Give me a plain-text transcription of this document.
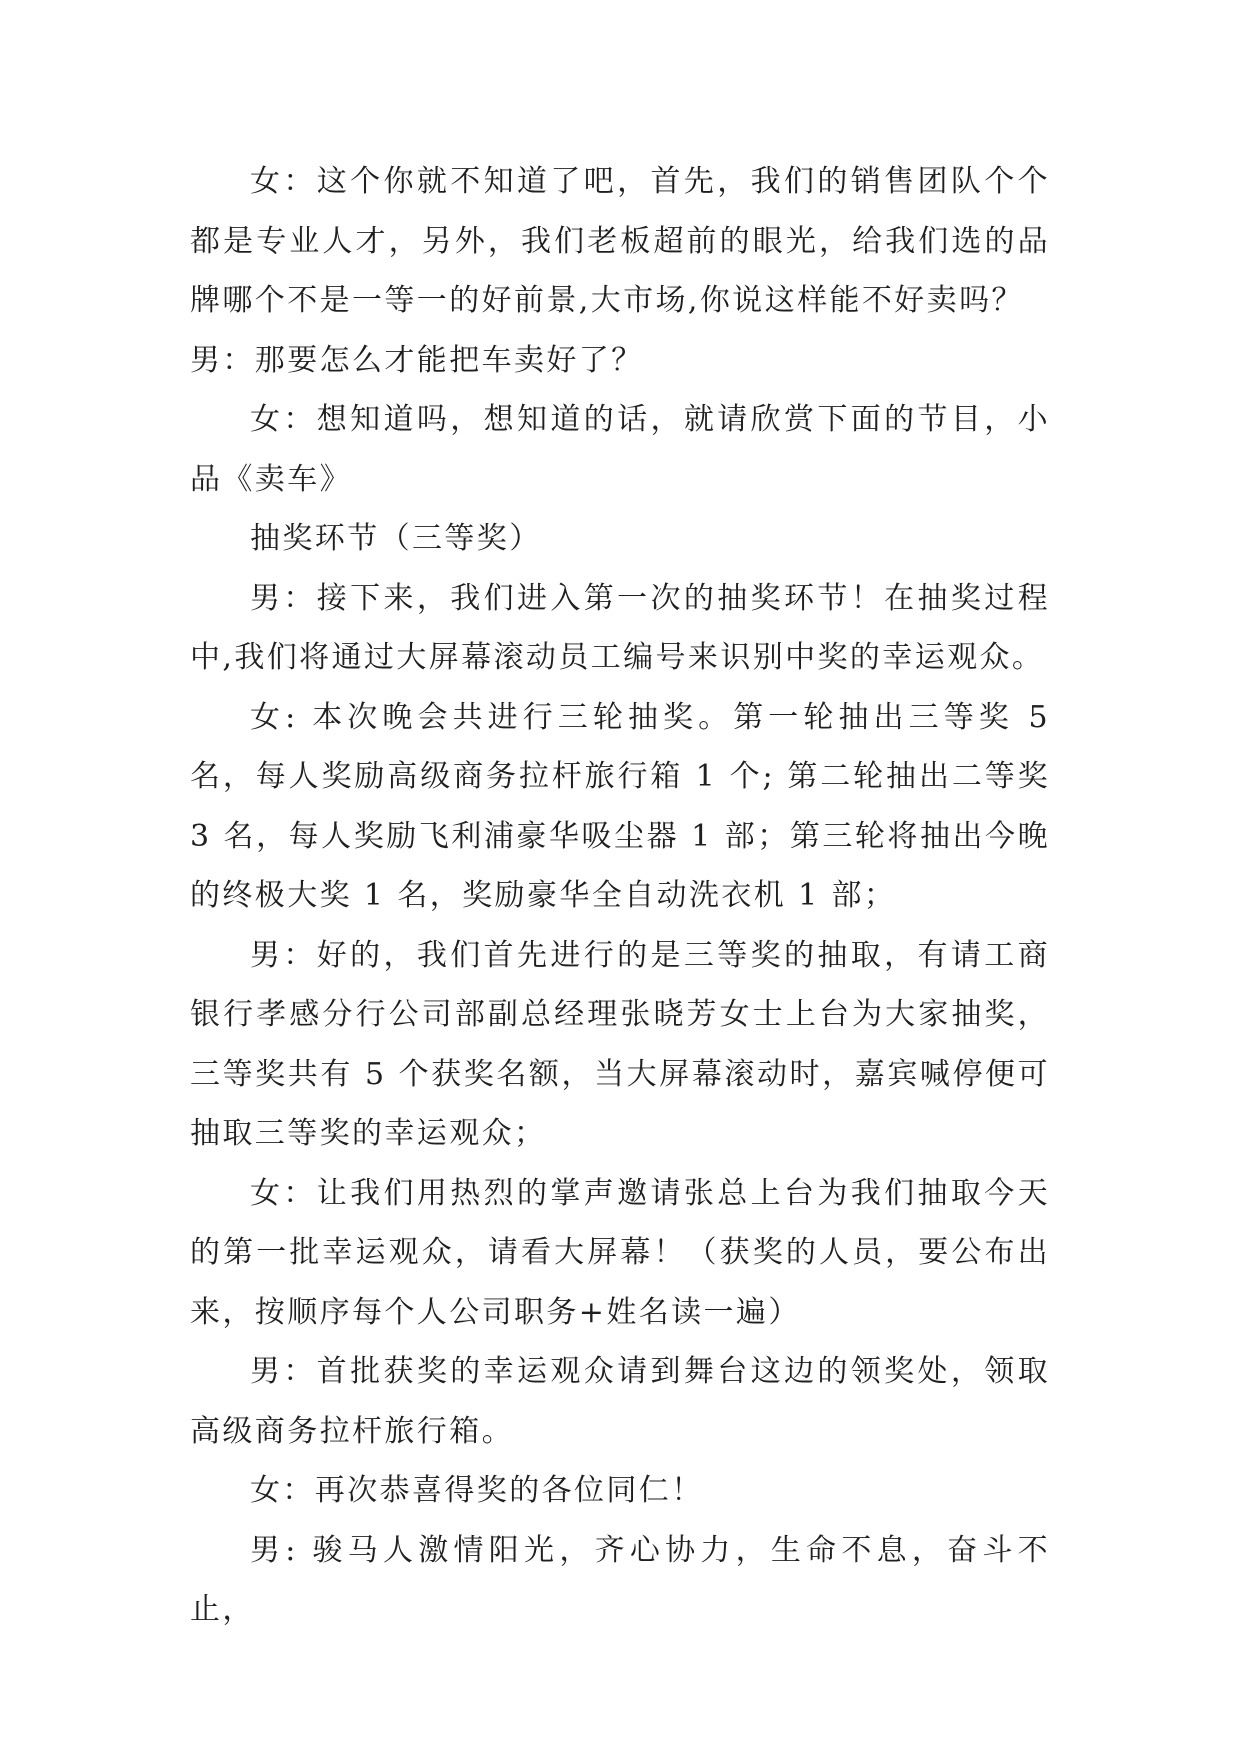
女：这个你就不知道了吧，首先，我们的销售团队个个都是专业人才，另外，我们老板超前的眼光，给我们选的品牌哪个不是一等一的好前景,大市场,你说这样能不好卖吗？

男：那要怎么才能把车卖好了？

女：想知道吗，想知道的话，就请欣赏下面的节目，小品《卖车》

抽奖环节（三等奖）

男：接下来，我们进入第一次的抽奖环节！在抽奖过程中,我们将通过大屏幕滚动员工编号来识别中奖的幸运观众。

女: 本次晚会共进行三轮抽奖。第一轮抽出三等奖 5 名，每人奖励高级商务拉杆旅行箱 1 个; 第二轮抽出二等奖 3 名，每人奖励飞利浦豪华吸尘器 1 部；第三轮将抽出今晚的终极大奖 1 名，奖励豪华全自动洗衣机 1 部；

男：好的，我们首先进行的是三等奖的抽取，有请工商银行孝感分行公司部副总经理张晓芳女士上台为大家抽奖，三等奖共有 5 个获奖名额，当大屏幕滚动时，嘉宾喊停便可抽取三等奖的幸运观众；

女：让我们用热烈的掌声邀请张总上台为我们抽取今天的第一批幸运观众，请看大屏幕！（获奖的人员，要公布出来，按顺序每个人公司职务+姓名读一遍）

男：首批获奖的幸运观众请到舞台这边的领奖处，领取高级商务拉杆旅行箱。

女：再次恭喜得奖的各位同仁！

男: 骏马人激情阳光，齐心协力，生命不息，奋斗不止，
